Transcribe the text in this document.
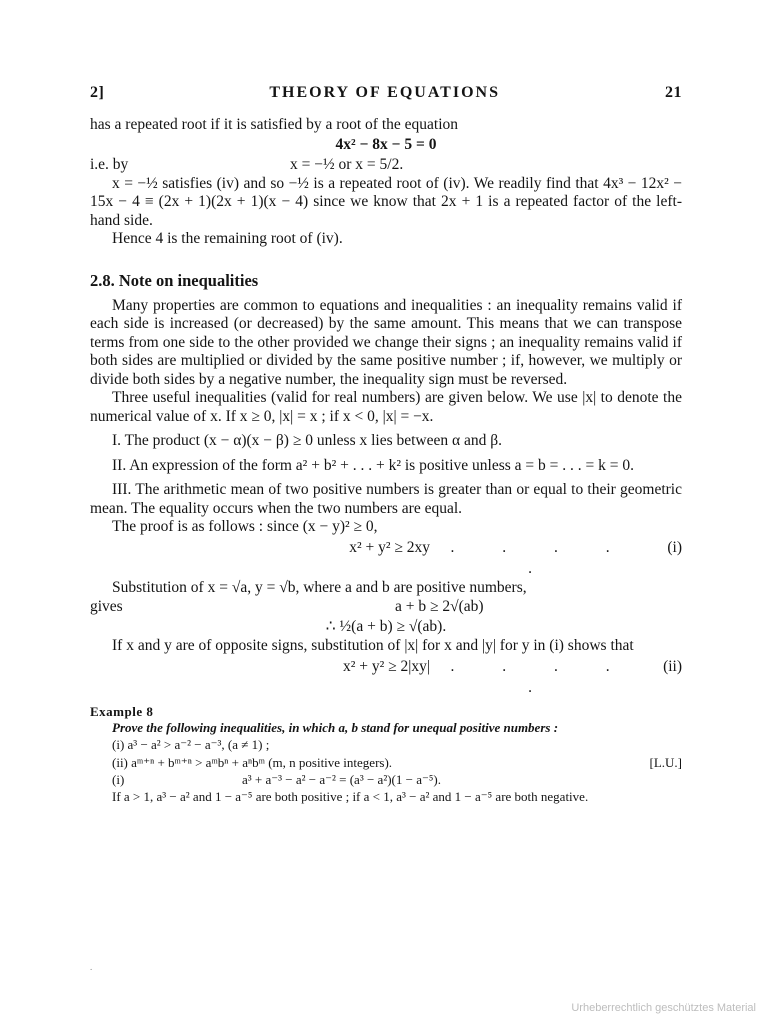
2]	THEORY OF EQUATIONS	21

has a repeated root if it is satisfied by a root of the equation

4x² − 8x − 5 = 0
i.e. by	x = −½ or x = 5/2.

x = −½ satisfies (iv) and so −½ is a repeated root of (iv). We readily find that 4x³ − 12x² − 15x − 4 ≡ (2x + 1)(2x + 1)(x − 4) since we know that 2x + 1 is a repeated factor of the left-hand side.

Hence 4 is the remaining root of (iv).

2.8. Note on inequalities

Many properties are common to equations and inequalities : an inequality remains valid if each side is increased (or decreased) by the same amount. This means that we can transpose terms from one side to the other provided we change their signs ; an inequality remains valid if both sides are multiplied or divided by the same positive number ; if, however, we multiply or divide both sides by a negative number, the inequality sign must be reversed.

Three useful inequalities (valid for real numbers) are given below. We use |x| to denote the numerical value of x. If x ≥ 0, |x| = x ; if x < 0, |x| = −x.

I. The product (x − α)(x − β) ≥ 0 unless x lies between α and β.

II. An expression of the form a² + b² + . . . + k² is positive unless a = b = . . . = k = 0.

III. The arithmetic mean of two positive numbers is greater than or equal to their geometric mean. The equality occurs when the two numbers are equal.

The proof is as follows : since (x − y)² ≥ 0,

x² + y² ≥ 2xy	. . . . .
(i)

Substitution of x = √a, y = √b, where a and b are positive numbers,

gives	a + b ≥ 2√(ab)
∴ ½(a + b) ≥ √(ab).

If x and y are of opposite signs, substitution of |x| for x and |y| for y in (i) shows that

x² + y² ≥ 2|xy|	. . . . .
(ii)
Example 8

Prove the following inequalities, in which a, b stand for unequal positive numbers :

(i) a³ − a² > a⁻² − a⁻³, (a ≠ 1) ;
(ii) aᵐ⁺ⁿ + bᵐ⁺ⁿ > aᵐbⁿ + aⁿbᵐ (m, n positive integers).	[L.U.]
(i)	a³ + a⁻³ − a² − a⁻² = (a³ − a²)(1 − a⁻⁵).

If a > 1, a³ − a² and 1 − a⁻⁵ are both positive ; if a < 1, a³ − a² and 1 − a⁻⁵ are both negative.

.
Urheberrechtlich geschütztes Material
